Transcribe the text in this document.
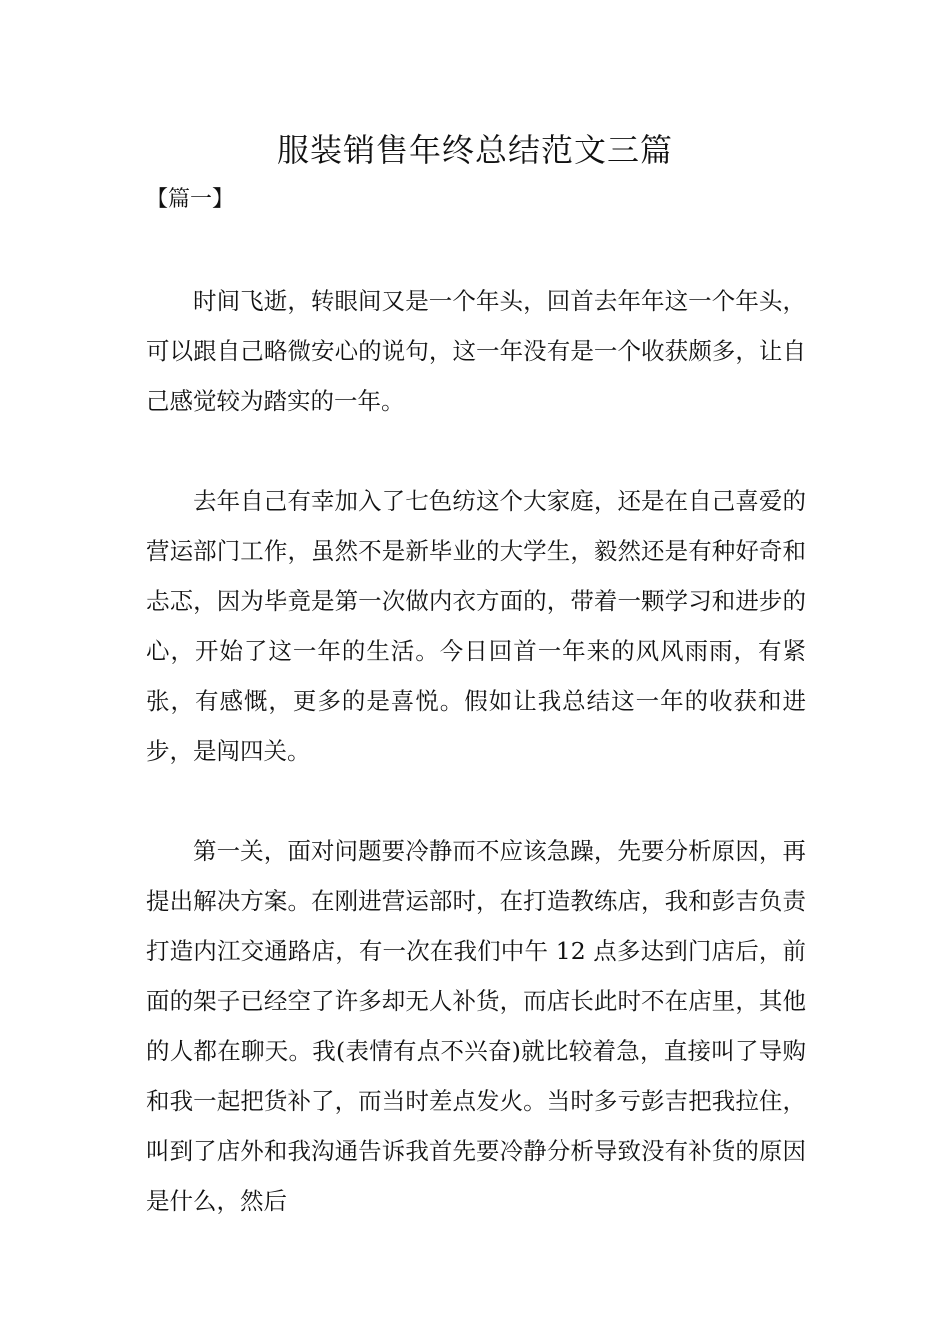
服装销售年终总结范文三篇

【篇一】

时间飞逝，转眼间又是一个年头，回首去年年这一个年头，可以跟自己略微安心的说句，这一年没有是一个收获颇多，让自己感觉较为踏实的一年。

去年自己有幸加入了七色纺这个大家庭，还是在自己喜爱的营运部门工作，虽然不是新毕业的大学生，毅然还是有种好奇和忐忑，因为毕竟是第一次做内衣方面的，带着一颗学习和进步的心，开始了这一年的生活。今日回首一年来的风风雨雨，有紧张，有感慨，更多的是喜悦。假如让我总结这一年的收获和进步，是闯四关。

第一关，面对问题要冷静而不应该急躁，先要分析原因，再提出解决方案。在刚进营运部时，在打造教练店，我和彭吉负责打造内江交通路店，有一次在我们中午 12 点多达到门店后，前面的架子已经空了许多却无人补货，而店长此时不在店里，其他的人都在聊天。我(表情有点不兴奋)就比较着急，直接叫了导购和我一起把货补了，而当时差点发火。当时多亏彭吉把我拉住，叫到了店外和我沟通告诉我首先要冷静分析导致没有补货的原因是什么，然后
